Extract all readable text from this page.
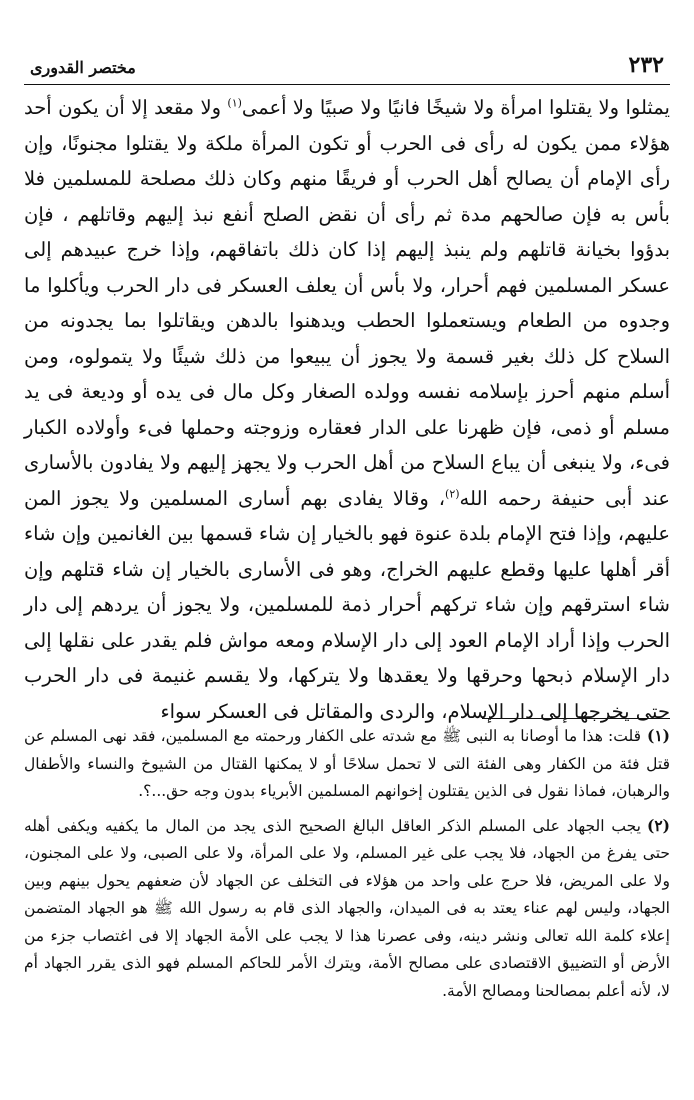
٢٣٢
مختصر القدورى

يمثلوا ولا يقتلوا امرأة ولا شيخًا فانيًا ولا صبيًا ولا أعمى$^{(١)}$ ولا مقعد إلا أن يكون أحد هؤلاء ممن يكون له رأى فى الحرب أو تكون المرأة ملكة ولا يقتلوا مجنونًا، وإن رأى الإمام أن يصالح أهل الحرب أو فريقًا منهم وكان ذلك مصلحة للمسلمين فلا بأس به فإن صالحهم مدة ثم رأى أن نقض الصلح أنفع نبذ إليهم وقاتلهم ، فإن بدؤوا بخيانة قاتلهم ولم ينبذ إليهم إذا كان ذلك باتفاقهم، وإذا خرج عبيدهم إلى عسكر المسلمين فهم أحرار، ولا بأس أن يعلف العسكر فى دار الحرب ويأكلوا ما وجدوه من الطعام ويستعملوا الحطب ويدهنوا بالدهن ويقاتلوا بما يجدونه من السلاح كل ذلك بغير قسمة ولا يجوز أن يبيعوا من ذلك شيئًا ولا يتمولوه، ومن أسلم منهم أحرز بإسلامه نفسه وولده الصغار وكل مال فى يده أو وديعة فى يد مسلم أو ذمى، فإن ظهرنا على الدار فعقاره وزوجته وحملها فىء وأولاده الكبار فىء، ولا ينبغى أن يباع السلاح من أهل الحرب ولا يجهز إليهم ولا يفادون بالأسارى عند أبى حنيفة رحمه الله$^{(٢)}$، وقالا يفادى بهم أسارى المسلمين ولا يجوز المن عليهم، وإذا فتح الإمام بلدة عنوة فهو بالخيار إن شاء قسمها بين الغانمين وإن شاء أقر أهلها عليها وقطع عليهم الخراج، وهو فى الأسارى بالخيار إن شاء قتلهم وإن شاء استرقهم وإن شاء تركهم أحرار ذمة للمسلمين، ولا يجوز أن يردهم إلى دار الحرب وإذا أراد الإمام العود إلى دار الإسلام ومعه مواش فلم يقدر على نقلها إلى دار الإسلام ذبحها وحرقها ولا يعقدها ولا يتركها، ولا يقسم غنيمة فى دار الحرب حتى يخرجها إلى دار الإسلام، والردى والمقاتل فى العسكر سواء

(١)قلت: هذا ما أوصانا به النبى ﷺ مع شدته على الكفار ورحمته مع المسلمين، فقد نهى المسلم عن قتل فئة من الكفار وهى الفئة التى لا تحمل سلاحًا أو لا يمكنها القتال من الشيوخ والنساء والأطفال والرهبان، فماذا نقول فى الذين يقتلون إخوانهم المسلمين الأبرياء بدون وجه حق...؟.

(٢)يجب الجهاد على المسلم الذكر العاقل البالغ الصحيح الذى يجد من المال ما يكفيه ويكفى أهله حتى يفرغ من الجهاد، فلا يجب على غير المسلم، ولا على المرأة، ولا على الصبى، ولا على المجنون، ولا على المريض، فلا حرج على واحد من هؤلاء فى التخلف عن الجهاد لأن ضعفهم يحول بينهم وبين الجهاد، وليس لهم عناء يعتد به فى الميدان، والجهاد الذى قام به رسول الله ﷺ هو الجهاد المتضمن إعلاء كلمة الله تعالى ونشر دينه، وفى عصرنا هذا لا يجب على الأمة الجهاد إلا فى اغتصاب جزء من الأرض أو التضييق الاقتصادى على مصالح الأمة، ويترك الأمر للحاكم المسلم فهو الذى يقرر الجهاد أم لا، لأنه أعلم بمصالحنا ومصالح الأمة.
